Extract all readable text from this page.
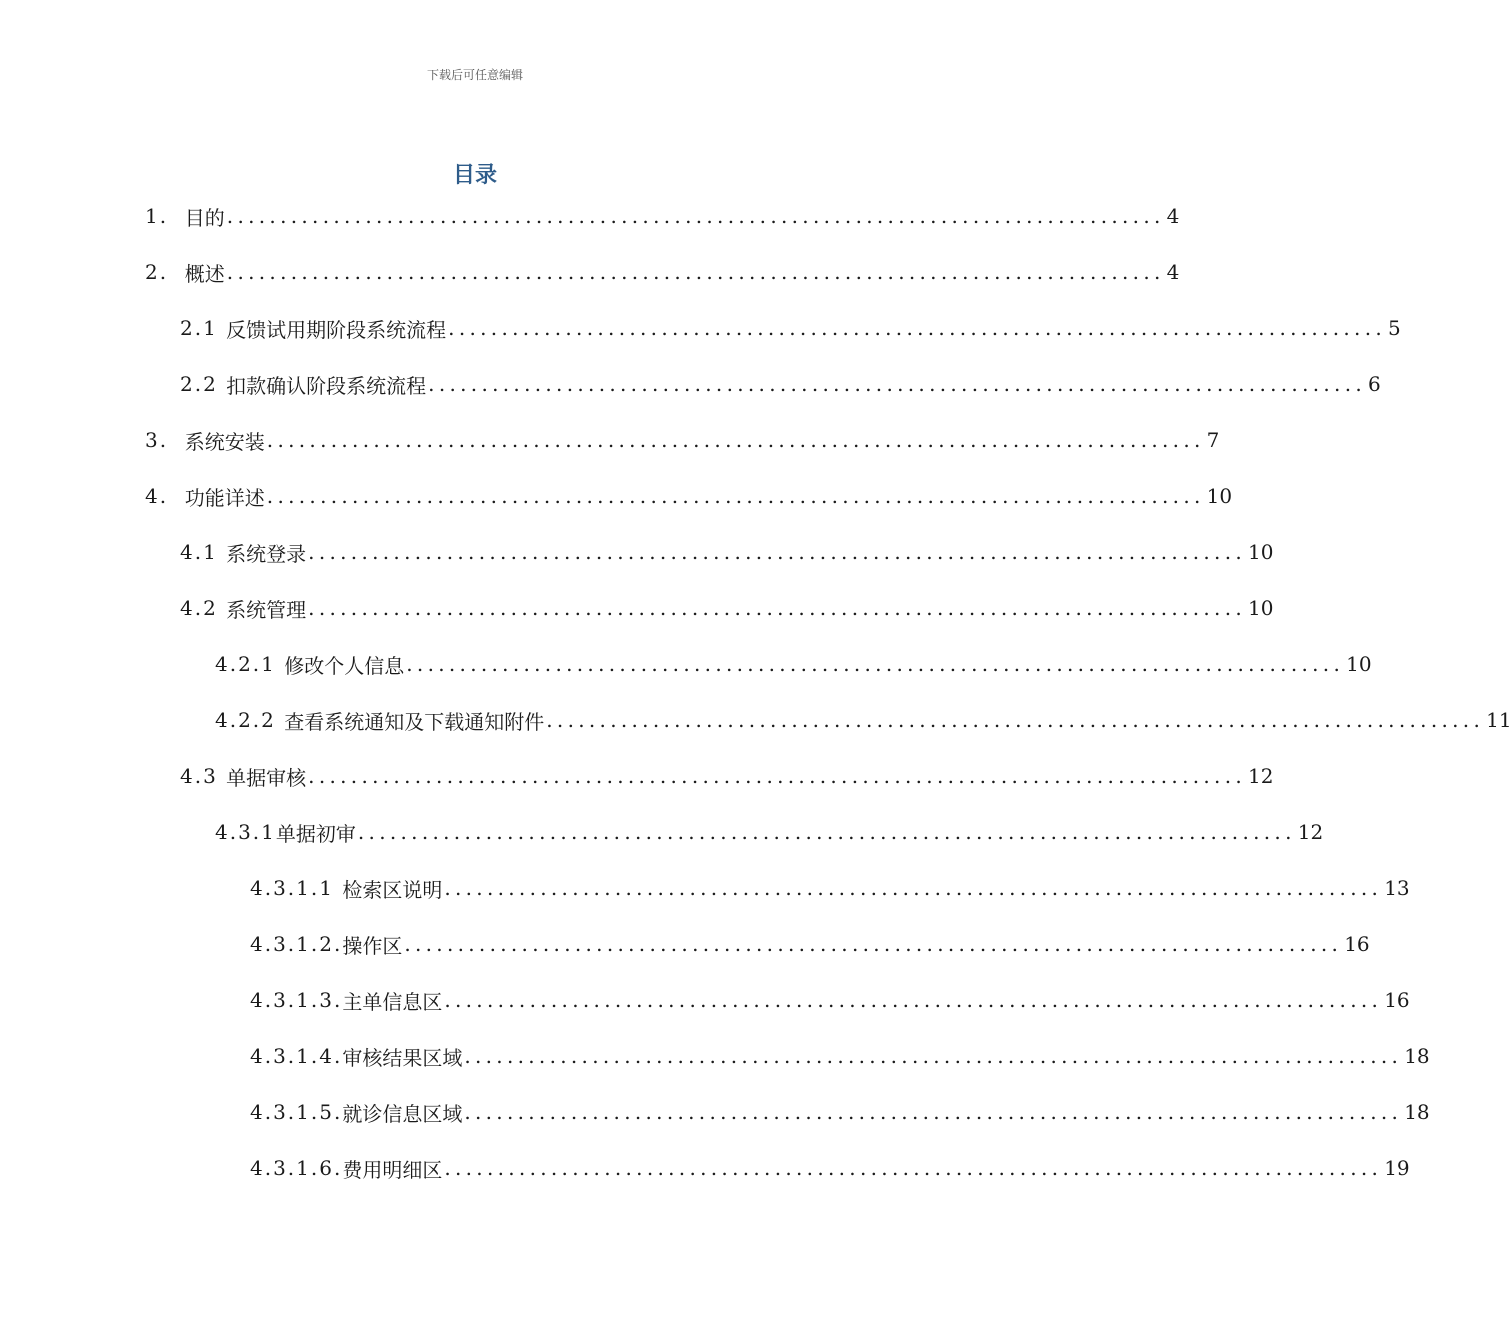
下载后可任意编辑
目录
1. 目的 ........................................................................................ 4
2. 概述 ........................................................................................ 4
2.1 反馈试用期阶段系统流程 ........................................................................................ 5
2.2 扣款确认阶段系统流程 ........................................................................................ 6
3. 系统安装 ........................................................................................ 7
4. 功能详述 ........................................................................................ 10
4.1 系统登录 ........................................................................................ 10
4.2 系统管理 ........................................................................................ 10
4.2.1 修改个人信息 ........................................................................................ 10
4.2.2 查看系统通知及下载通知附件 ........................................................................................ 11
4.3 单据审核 ........................................................................................ 12
4.3.1 单据初审 ........................................................................................ 12
4.3.1.1 检索区说明 ........................................................................................ 13
4.3.1.2. 操作区 ........................................................................................ 16
4.3.1.3. 主单信息区 ........................................................................................ 16
4.3.1.4. 审核结果区域 ........................................................................................ 18
4.3.1.5. 就诊信息区域 ........................................................................................ 18
4.3.1.6. 费用明细区 ........................................................................................ 19
